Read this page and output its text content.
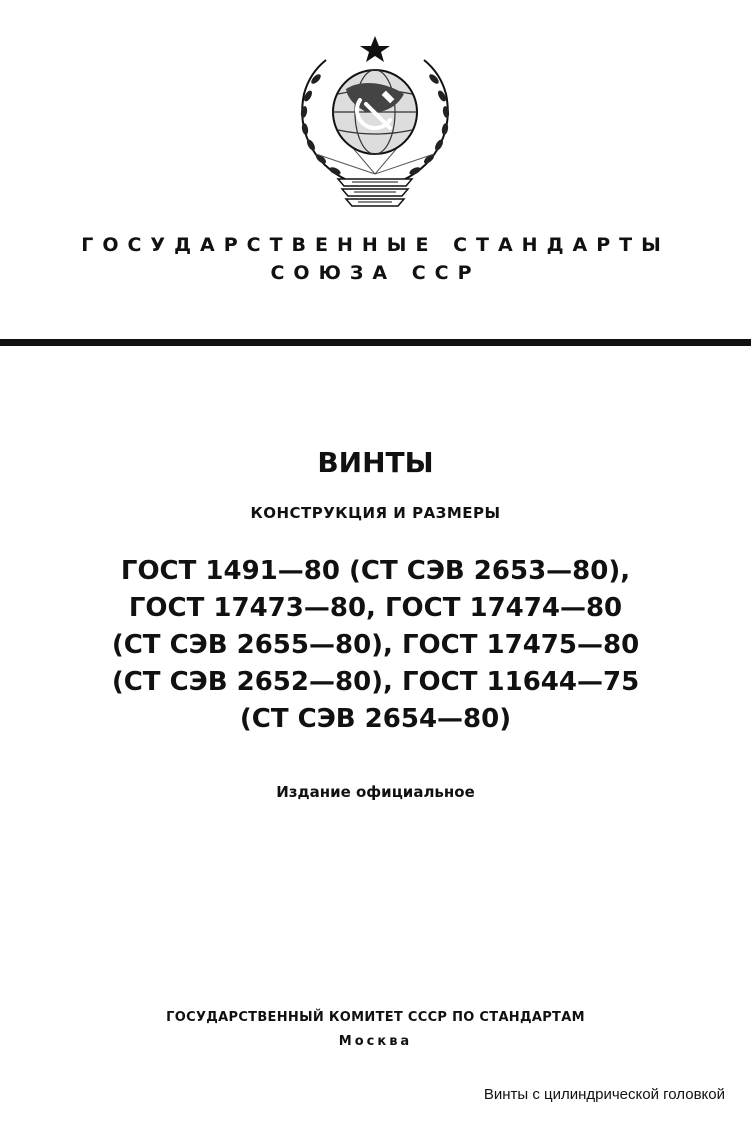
ГОСУДАРСТВЕННЫЕ СТАНДАРТЫ
СОЮЗА ССР
ВИНТЫ
КОНСТРУКЦИЯ И РАЗМЕРЫ
ГОСТ 1491—80 (СТ СЭВ 2653—80),
ГОСТ 17473—80, ГОСТ 17474—80
(СТ СЭВ 2655—80), ГОСТ 17475—80
(СТ СЭВ 2652—80), ГОСТ 11644—75
(СТ СЭВ 2654—80)
Издание официальное
ГОСУДАРСТВЕННЫЙ КОМИТЕТ СССР ПО СТАНДАРТАМ
Москва
Винты с цилиндрической головкой
